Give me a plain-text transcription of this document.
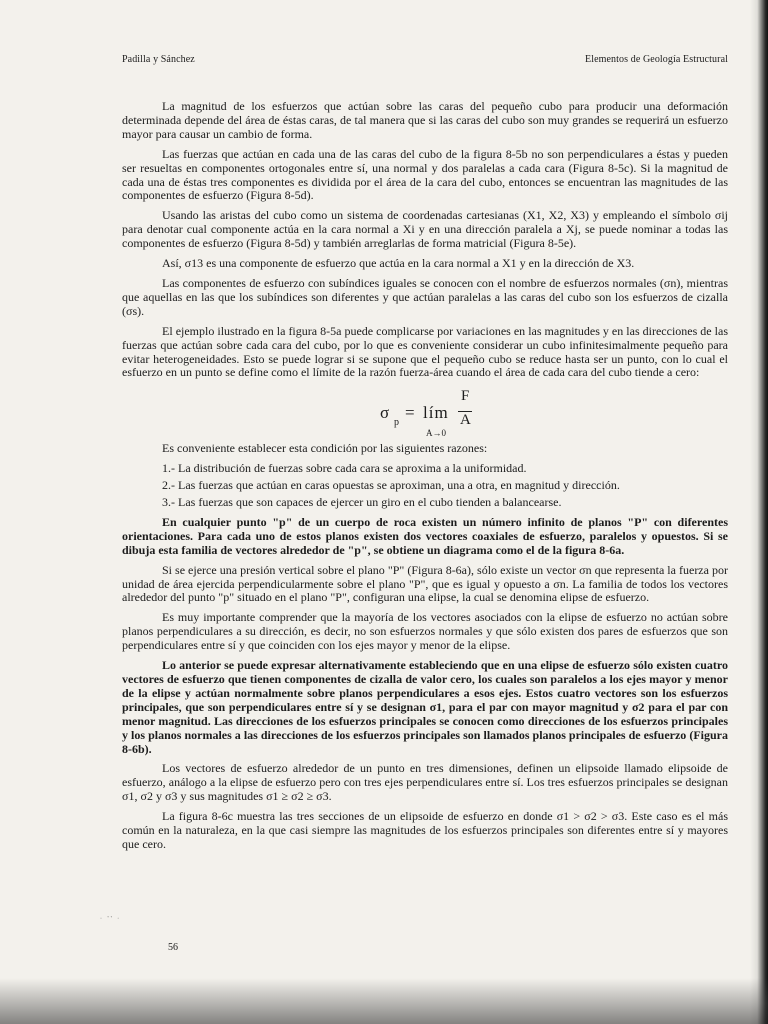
Padilla y Sánchez	Elementos de Geología Estructural

La magnitud de los esfuerzos que actúan sobre las caras del pequeño cubo para producir una deformación determinada depende del área de éstas caras, de tal manera que si las caras del cubo son muy grandes se requerirá un esfuerzo mayor para causar un cambio de forma.

Las fuerzas que actúan en cada una de las caras del cubo de la figura 8-5b no son perpendiculares a éstas y pueden ser resueltas en componentes ortogonales entre sí, una normal y dos paralelas a cada cara (Figura 8-5c). Si la magnitud de cada una de éstas tres componentes es dividida por el área de la cara del cubo, entonces se encuentran las magnitudes de las componentes de esfuerzo (Figura 8-5d).

Usando las aristas del cubo como un sistema de coordenadas cartesianas (X1, X2, X3) y empleando el símbolo σij para denotar cual componente actúa en la cara normal a Xi y en una dirección paralela a Xj, se puede nominar a todas las componentes de esfuerzo (Figura 8-5d) y también arreglarlas de forma matricial (Figura 8-5e).

Así, σ13 es una componente de esfuerzo que actúa en la cara normal a X1 y en la dirección de X3.

Las componentes de esfuerzo con subíndices iguales se conocen con el nombre de esfuerzos normales (σn), mientras que aquellas en las que los subíndices son diferentes y que actúan paralelas a las caras del cubo son los esfuerzos de cizalla (σs).

El ejemplo ilustrado en la figura 8-5a puede complicarse por variaciones en las magnitudes y en las direcciones de las fuerzas que actúan sobre cada cara del cubo, por lo que es conveniente considerar un cubo infinitesimalmente pequeño para evitar heterogeneidades. Esto se puede lograr si se supone que el pequeño cubo se reduce hasta ser un punto, con lo cual el esfuerzo en un punto se define como el límite de la razón fuerza-área cuando el área de cada cara del cubo tiende a cero:

σ
p
= lím
A→0
F
A

Es conveniente establecer esta condición por las siguientes razones:

1.- La distribución de fuerzas sobre cada cara se aproxima a la uniformidad.
2.- Las fuerzas que actúan en caras opuestas se aproximan, una a otra, en magnitud y dirección.
3.- Las fuerzas que son capaces de ejercer un giro en el cubo tienden a balancearse.

En cualquier punto "p" de un cuerpo de roca existen un número infinito de planos "P" con diferentes orientaciones. Para cada uno de estos planos existen dos vectores coaxiales de esfuerzo, paralelos y opuestos. Si se dibuja esta familia de vectores alrededor de "p", se obtiene un diagrama como el de la figura 8-6a.

Si se ejerce una presión vertical sobre el plano "P" (Figura 8-6a), sólo existe un vector σn que representa la fuerza por unidad de área ejercida perpendicularmente sobre el plano "P", que es igual y opuesto a σn. La familia de todos los vectores alrededor del punto "p" situado en el plano "P", configuran una elipse, la cual se denomina elipse de esfuerzo.

Es muy importante comprender que la mayoría de los vectores asociados con la elipse de esfuerzo no actúan sobre planos perpendiculares a su dirección, es decir, no son esfuerzos normales y que sólo existen dos pares de esfuerzos que son perpendiculares entre sí y que coinciden con los ejes mayor y menor de la elipse.

Lo anterior se puede expresar alternativamente estableciendo que en una elipse de esfuerzo sólo existen cuatro vectores de esfuerzo que tienen componentes de cizalla de valor cero, los cuales son paralelos a los ejes mayor y menor de la elipse y actúan normalmente sobre planos perpendiculares a esos ejes. Estos cuatro vectores son los esfuerzos principales, que son perpendiculares entre sí y se designan σ1, para el par con mayor magnitud y σ2 para el par con menor magnitud. Las direcciones de los esfuerzos principales se conocen como direcciones de los esfuerzos principales y los planos normales a las direcciones de los esfuerzos principales son llamados planos principales de esfuerzo (Figura 8-6b).

Los vectores de esfuerzo alrededor de un punto en tres dimensiones, definen un elipsoide llamado elipsoide de esfuerzo, análogo a la elipse de esfuerzo pero con tres ejes perpendiculares entre sí. Los tres esfuerzos principales se designan σ1, σ2 y σ3 y sus magnitudes σ1 ≥ σ2 ≥ σ3.

La figura 8-6c muestra las tres secciones de un elipsoide de esfuerzo en donde σ1 > σ2 > σ3. Este caso es el más común en la naturaleza, en la que casi siempre las magnitudes de los esfuerzos principales son diferentes entre sí y mayores que cero.

· '' ·
56
